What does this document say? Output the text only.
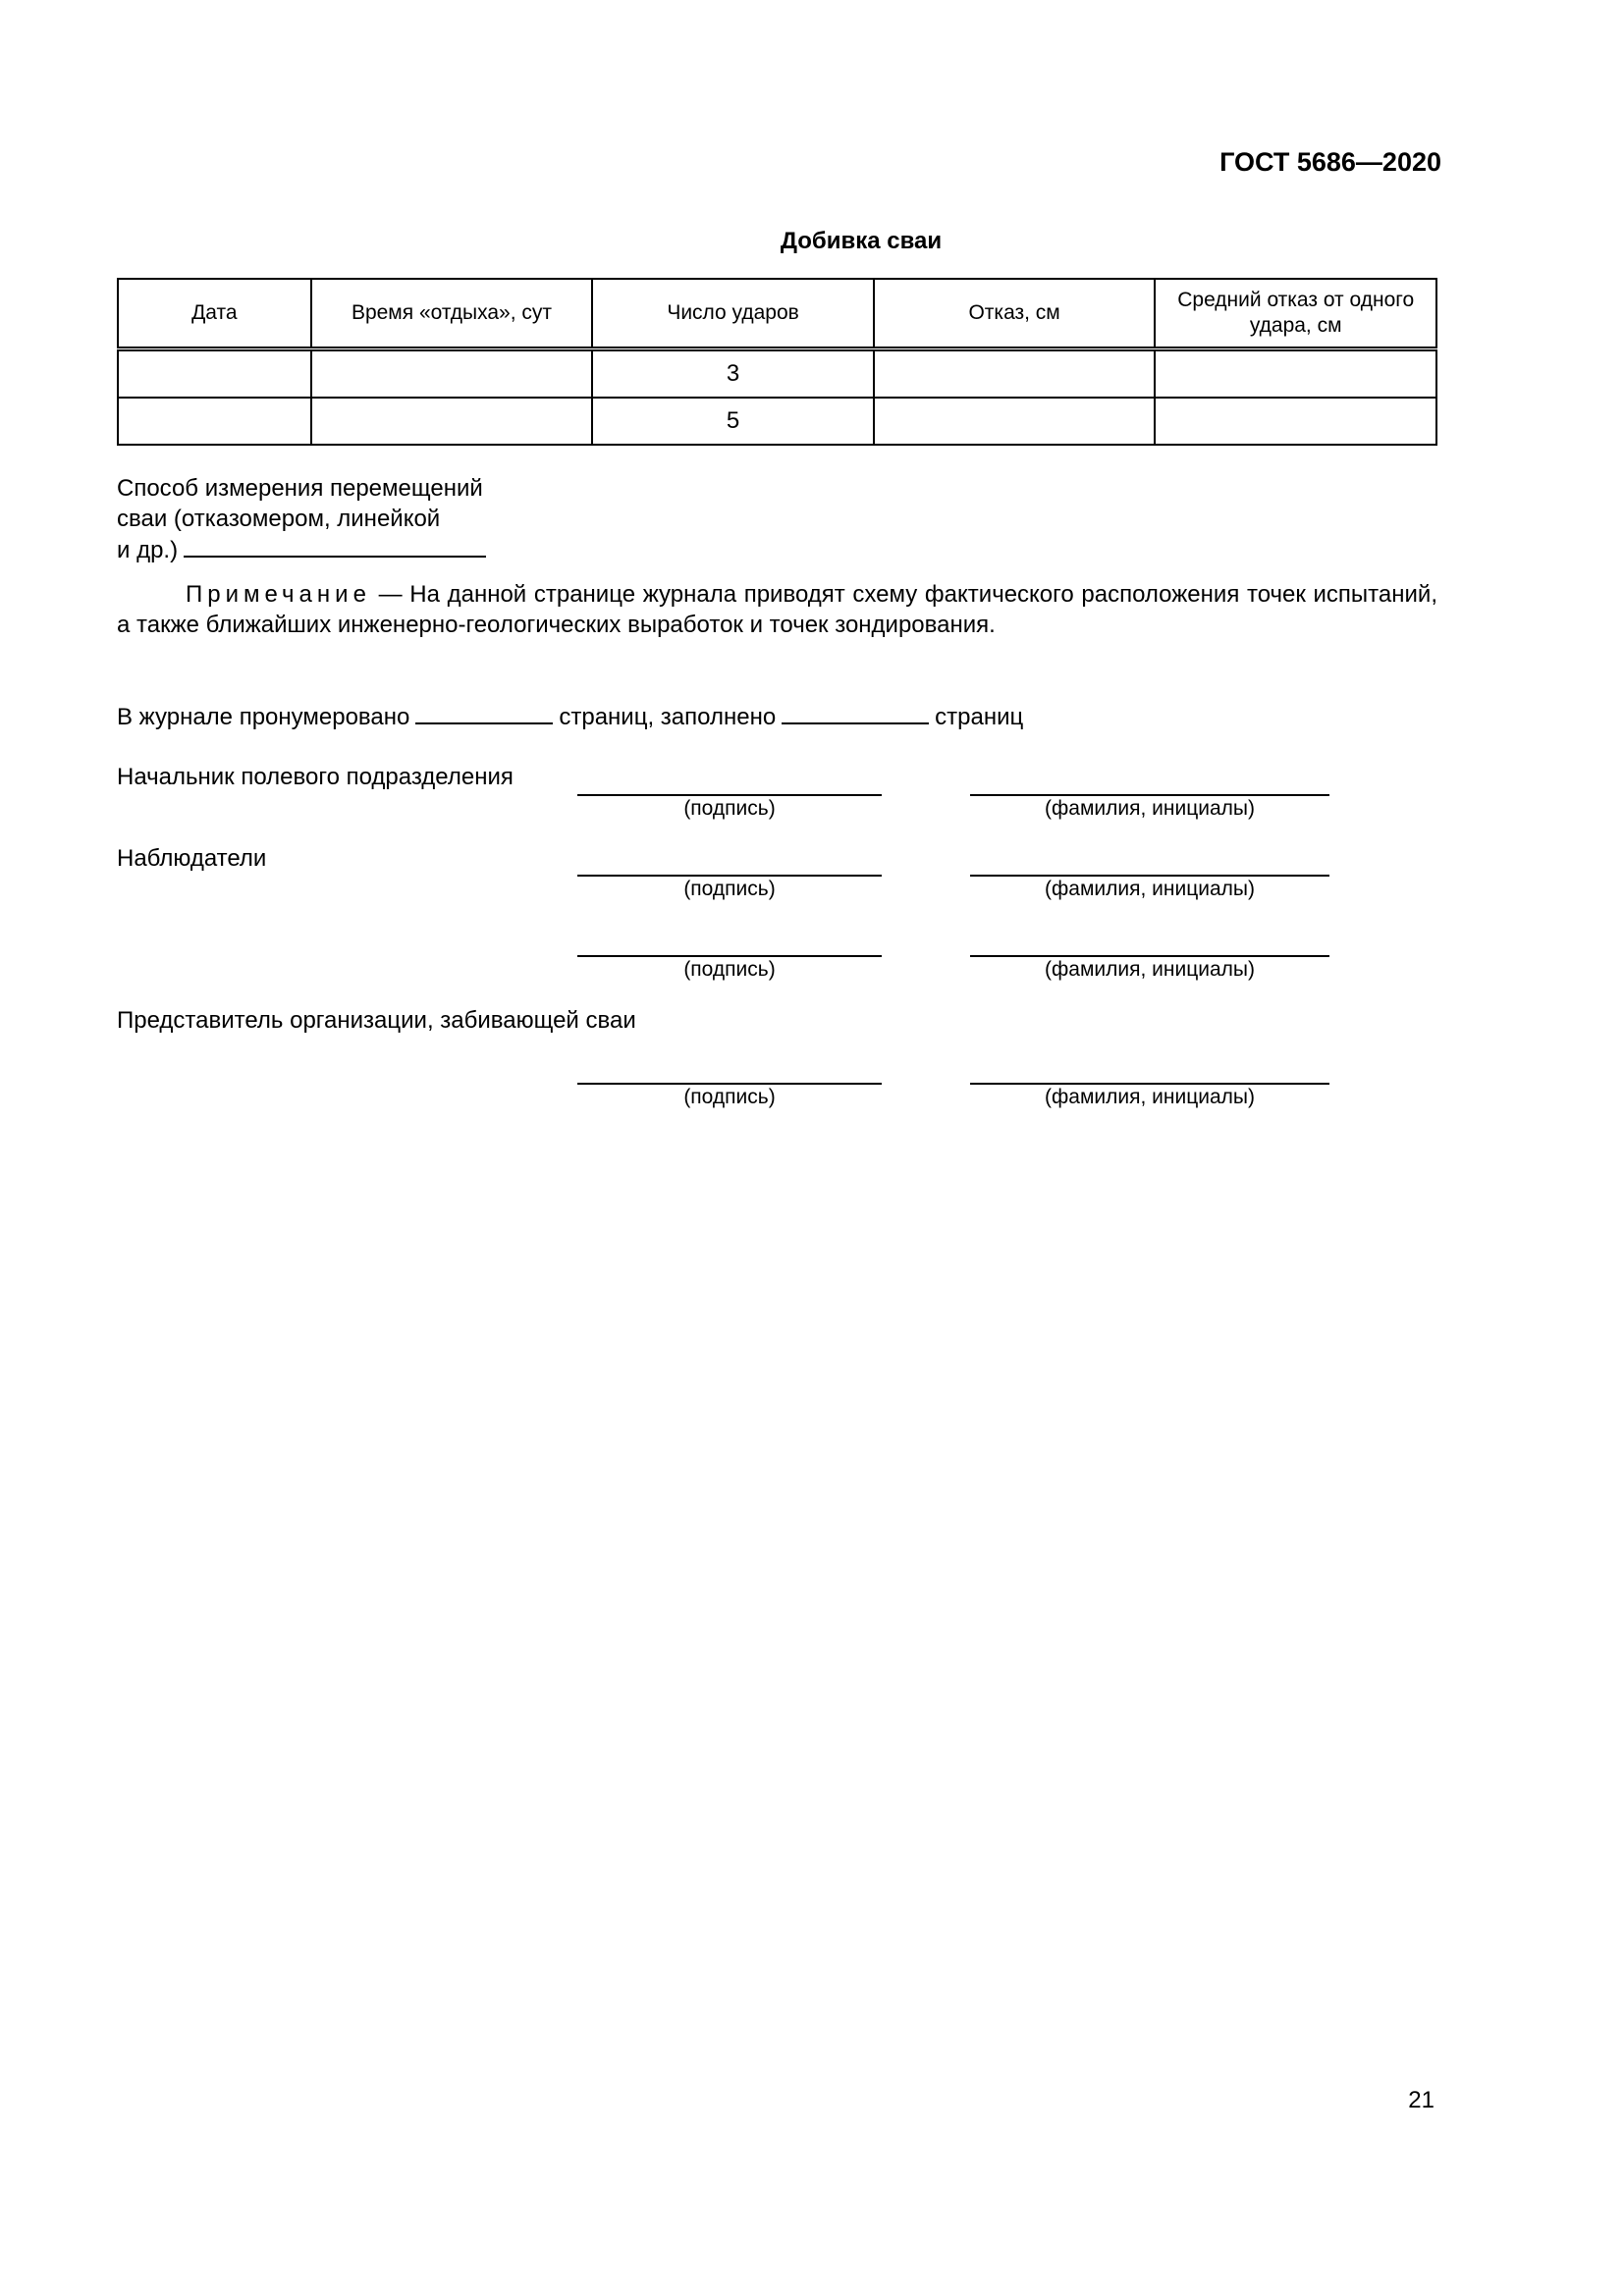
ГОСТ 5686—2020
Добивка сваи
Дата	Время «отдыха», сут	Число ударов	Отказ, см	Средний отказ от одного удара, см
		3		
		5		
Способ измерения перемещений
сваи (отказомером, линейкой
и др.)
Примечание — На данной странице журнала приводят схему фактического расположения точек испытаний, а также ближайших инженерно-геологических выработок и точек зондирования.
В журнале пронумеровано	страниц, заполнено	страниц
Начальник полевого подразделения
(подпись)	(фамилия, инициалы)
Наблюдатели
(подпись)	(фамилия, инициалы)
(подпись)	(фамилия, инициалы)
Представитель организации, забивающей сваи
(подпись)	(фамилия, инициалы)
21
